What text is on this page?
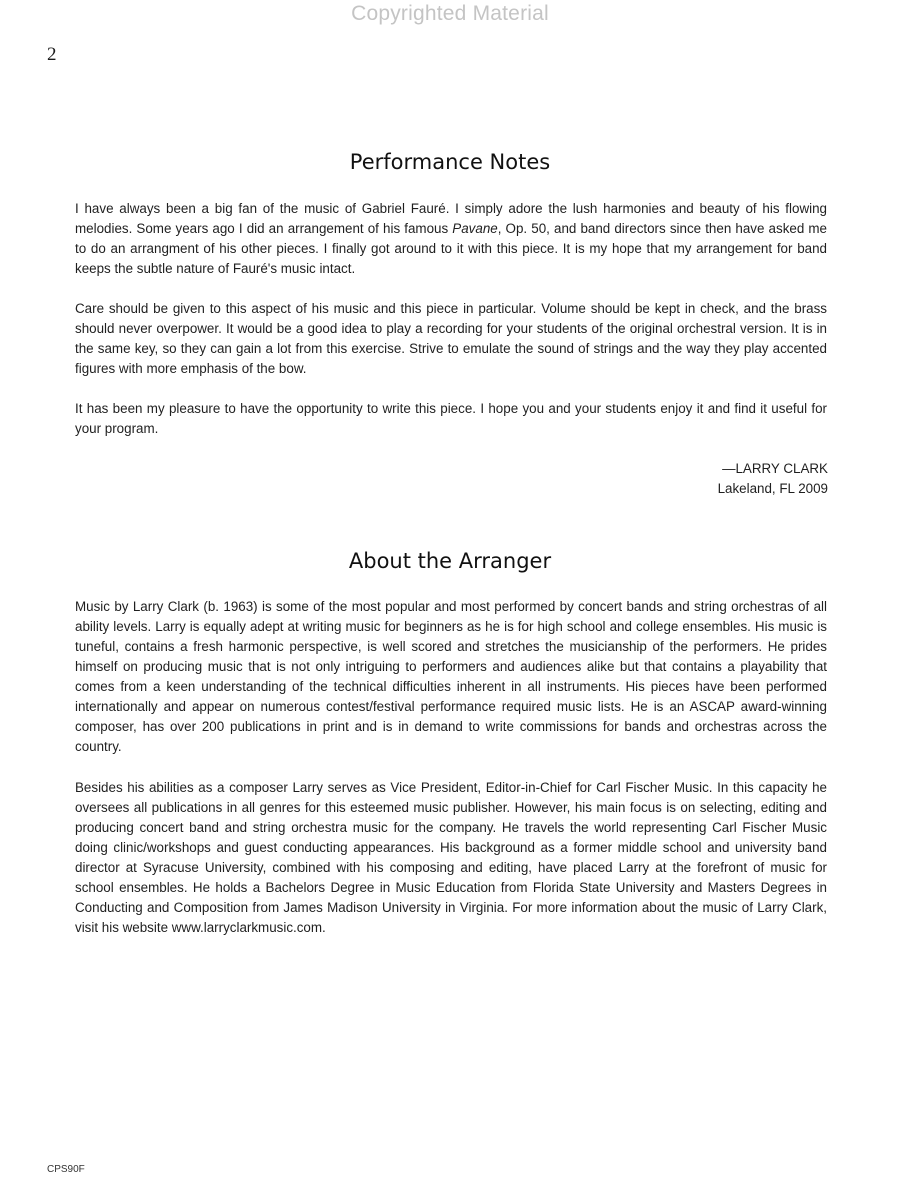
Copyrighted Material
2
Performance Notes

I have always been a big fan of the music of Gabriel Fauré. I simply adore the lush harmonies and beauty of his flowing melodies. Some years ago I did an arrangement of his famous Pavane, Op. 50, and band directors since then have asked me to do an arrangment of his other pieces. I finally got around to it with this piece. It is my hope that my arrangement for band keeps the subtle nature of Fauré's music intact.

Care should be given to this aspect of his music and this piece in particular. Volume should be kept in check, and the brass should never overpower. It would be a good idea to play a recording for your students of the original orchestral version. It is in the same key, so they can gain a lot from this exercise. Strive to emulate the sound of strings and the way they play accented figures with more emphasis of the bow.

It has been my pleasure to have the opportunity to write this piece. I hope you and your students enjoy it and find it useful for your program.

—LARRY CLARK
Lakeland, FL 2009
About the Arranger

Music by Larry Clark (b. 1963) is some of the most popular and most performed by concert bands and string orchestras of all ability levels. Larry is equally adept at writing music for beginners as he is for high school and college ensembles. His music is tuneful, contains a fresh harmonic perspective, is well scored and stretches the musicianship of the performers. He prides himself on producing music that is not only intriguing to performers and audiences alike but that contains a playability that comes from a keen understanding of the technical difficulties inherent in all instruments. His pieces have been performed internationally and appear on numerous contest/festival performance required music lists. He is an ASCAP award-winning composer, has over 200 publications in print and is in demand to write commissions for bands and orchestras across the country.

Besides his abilities as a composer Larry serves as Vice President, Editor-in-Chief for Carl Fischer Music. In this capacity he oversees all publications in all genres for this esteemed music publisher. However, his main focus is on selecting, editing and producing concert band and string orchestra music for the company. He travels the world representing Carl Fischer Music doing clinic/workshops and guest conducting appearances. His background as a former middle school and university band director at Syracuse University, combined with his composing and editing, have placed Larry at the forefront of music for school ensembles. He holds a Bachelors Degree in Music Education from Florida State University and Masters Degrees in Conducting and Composition from James Madison University in Virginia. For more information about the music of Larry Clark, visit his website www.larryclarkmusic.com.

CPS90F
